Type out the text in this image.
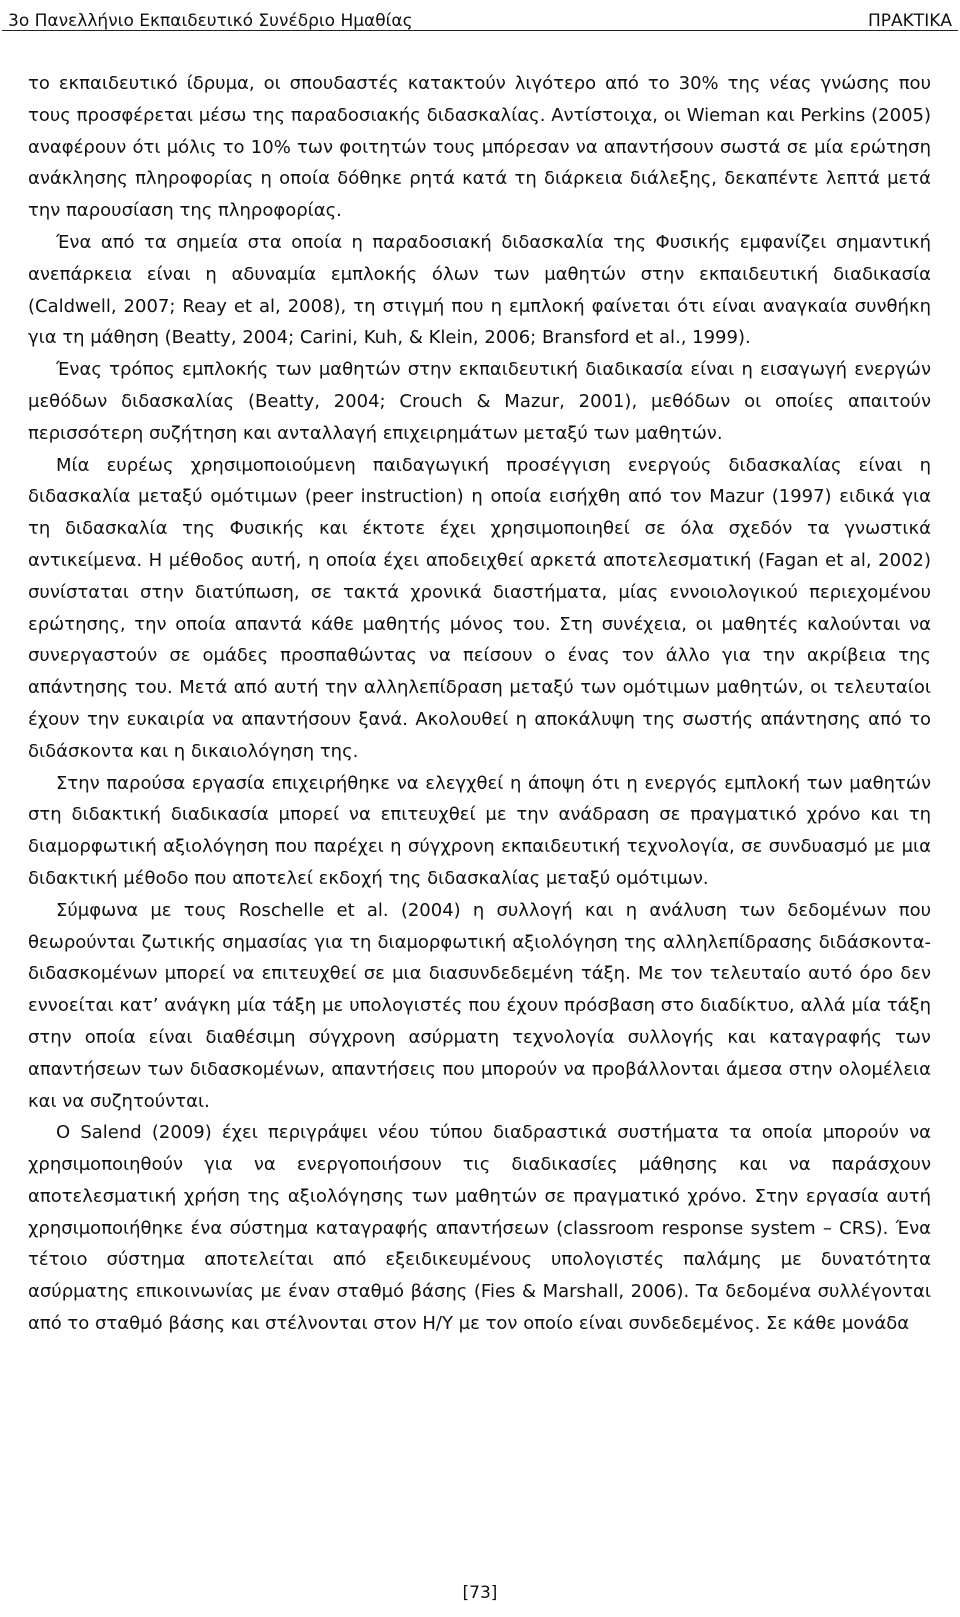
3ο Πανελλήνιο Εκπαιδευτικό Συνέδριο Ημαθίας	ΠΡΑΚΤΙΚΑ

το εκπαιδευτικό ίδρυμα, οι σπουδαστές κατακτούν λιγότερο από το 30% της νέας γνώσης που τους προσφέρεται μέσω της παραδοσιακής διδασκαλίας. Αντίστοιχα, οι Wieman και Perkins (2005) αναφέρουν ότι μόλις το 10% των φοιτητών τους μπόρεσαν να απαντήσουν σωστά σε μία ερώτηση ανάκλησης πληροφορίας η οποία δόθηκε ρητά κατά τη διάρκεια διάλεξης, δεκαπέντε λεπτά μετά την παρουσίαση της πληροφορίας.

Ένα από τα σημεία στα οποία η παραδοσιακή διδασκαλία της Φυσικής εμφανίζει σημαντική ανεπάρκεια είναι η αδυναμία εμπλοκής όλων των μαθητών στην εκπαιδευτική διαδικασία (Caldwell, 2007; Reay et al, 2008), τη στιγμή που η εμπλοκή φαίνεται ότι είναι αναγκαία συνθήκη για τη μάθηση (Beatty, 2004; Carini, Kuh, & Klein, 2006; Bransford et al., 1999).

Ένας τρόπος εμπλοκής των μαθητών στην εκπαιδευτική διαδικασία είναι η εισαγωγή ενεργών μεθόδων διδασκαλίας (Beatty, 2004; Crouch & Mazur, 2001), μεθόδων οι οποίες απαιτούν περισσότερη συζήτηση και ανταλλαγή επιχειρημάτων μεταξύ των μαθητών.

Μία ευρέως χρησιμοποιούμενη παιδαγωγική προσέγγιση ενεργούς διδασκαλίας είναι η διδασκαλία μεταξύ ομότιμων (peer instruction) η οποία εισήχθη από τον Mazur (1997) ειδικά για τη διδασκαλία της Φυσικής και έκτοτε έχει χρησιμοποιηθεί σε όλα σχεδόν τα γνωστικά αντικείμενα. Η μέθοδος αυτή, η οποία έχει αποδειχθεί αρκετά αποτελεσματική (Fagan et al, 2002) συνίσταται στην διατύπωση, σε τακτά χρονικά διαστήματα, μίας εννοιολογικού περιεχομένου ερώτησης, την οποία απαντά κάθε μαθητής μόνος του. Στη συνέχεια, οι μαθητές καλούνται να συνεργαστούν σε ομάδες προσπαθώντας να πείσουν ο ένας τον άλλο για την ακρίβεια της απάντησης του. Μετά από αυτή την αλληλεπίδραση μεταξύ των ομότιμων μαθητών, οι τελευταίοι έχουν την ευκαιρία να απαντήσουν ξανά. Ακολουθεί η αποκάλυψη της σωστής απάντησης από το διδάσκοντα και η δικαιολόγηση της.

Στην παρούσα εργασία επιχειρήθηκε να ελεγχθεί η άποψη ότι η ενεργός εμπλοκή των μαθητών στη διδακτική διαδικασία μπορεί να επιτευχθεί με την ανάδραση σε πραγματικό χρόνο και τη διαμορφωτική αξιολόγηση που παρέχει η σύγχρονη εκπαιδευτική τεχνολογία, σε συνδυασμό με μια διδακτική μέθοδο που αποτελεί εκδοχή της διδασκαλίας μεταξύ ομότιμων.

Σύμφωνα με τους Roschelle et al. (2004) η συλλογή και η ανάλυση των δεδομένων που θεωρούνται ζωτικής σημασίας για τη διαμορφωτική αξιολόγηση της αλληλεπίδρασης διδάσκοντα-διδασκομένων μπορεί να επιτευχθεί σε μια διασυνδεδεμένη τάξη. Με τον τελευταίο αυτό όρο δεν εννοείται κατ’ ανάγκη μία τάξη με υπολογιστές που έχουν πρόσβαση στο διαδίκτυο, αλλά μία τάξη στην οποία είναι διαθέσιμη σύγχρονη ασύρματη τεχνολογία συλλογής και καταγραφής των απαντήσεων των διδασκομένων, απαντήσεις που μπορούν να προβάλλονται άμεσα στην ολομέλεια και να συζητούνται.

Ο Salend (2009) έχει περιγράψει νέου τύπου διαδραστικά συστήματα τα οποία μπορούν να χρησιμοποιηθούν για να ενεργοποιήσουν τις διαδικασίες μάθησης και να παράσχουν αποτελεσματική χρήση της αξιολόγησης των μαθητών σε πραγματικό χρόνο. Στην εργασία αυτή χρησιμοποιήθηκε ένα σύστημα καταγραφής απαντήσεων (classroom response system – CRS). Ένα τέτοιο σύστημα αποτελείται από εξειδικευμένους υπολογιστές παλάμης με δυνατότητα ασύρματης επικοινωνίας με έναν σταθμό βάσης (Fies & Marshall, 2006). Τα δεδομένα συλλέγονται από το σταθμό βάσης και στέλνονται στον Η/Υ με τον οποίο είναι συνδεδεμένος. Σε κάθε μονάδα

[73]
